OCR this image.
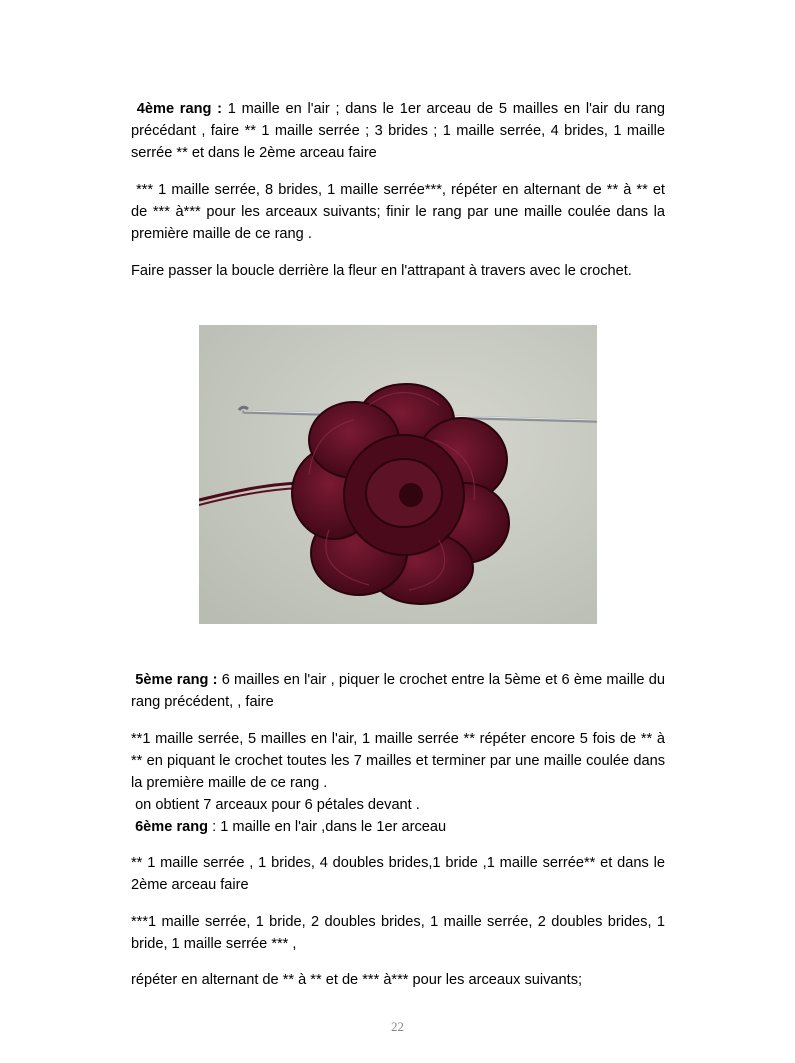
4ème rang : 1 maille en l'air ; dans le 1er arceau de 5 mailles en l'air du rang précédant , faire ** 1 maille serrée ; 3 brides ; 1 maille serrée, 4 brides, 1 maille serrée ** et dans le 2ème arceau faire
*** 1 maille serrée, 8 brides, 1 maille serrée***, répéter en alternant de ** à ** et de *** à*** pour les arceaux suivants; finir le rang par une maille coulée dans la première maille de ce rang .
Faire passer la boucle derrière la fleur en l'attrapant à travers avec le crochet.
5ème rang : 6 mailles en l'air , piquer le crochet entre la 5ème et 6 ème maille du rang précédent, , faire
**1 maille serrée, 5 mailles en l'air, 1 maille serrée ** répéter encore 5 fois de ** à ** en piquant le crochet toutes les 7 mailles et terminer par une maille coulée dans la première maille de ce rang .
on obtient 7 arceaux pour 6 pétales devant .
6ème rang : 1 maille en l'air ,dans le 1er arceau
** 1 maille serrée , 1 brides, 4 doubles brides,1 bride ,1 maille serrée** et dans le 2ème arceau faire
***1 maille serrée, 1 bride, 2 doubles brides, 1 maille serrée, 2 doubles brides, 1 bride, 1 maille serrée *** ,
répéter en alternant de ** à ** et de *** à*** pour les arceaux suivants;
22
